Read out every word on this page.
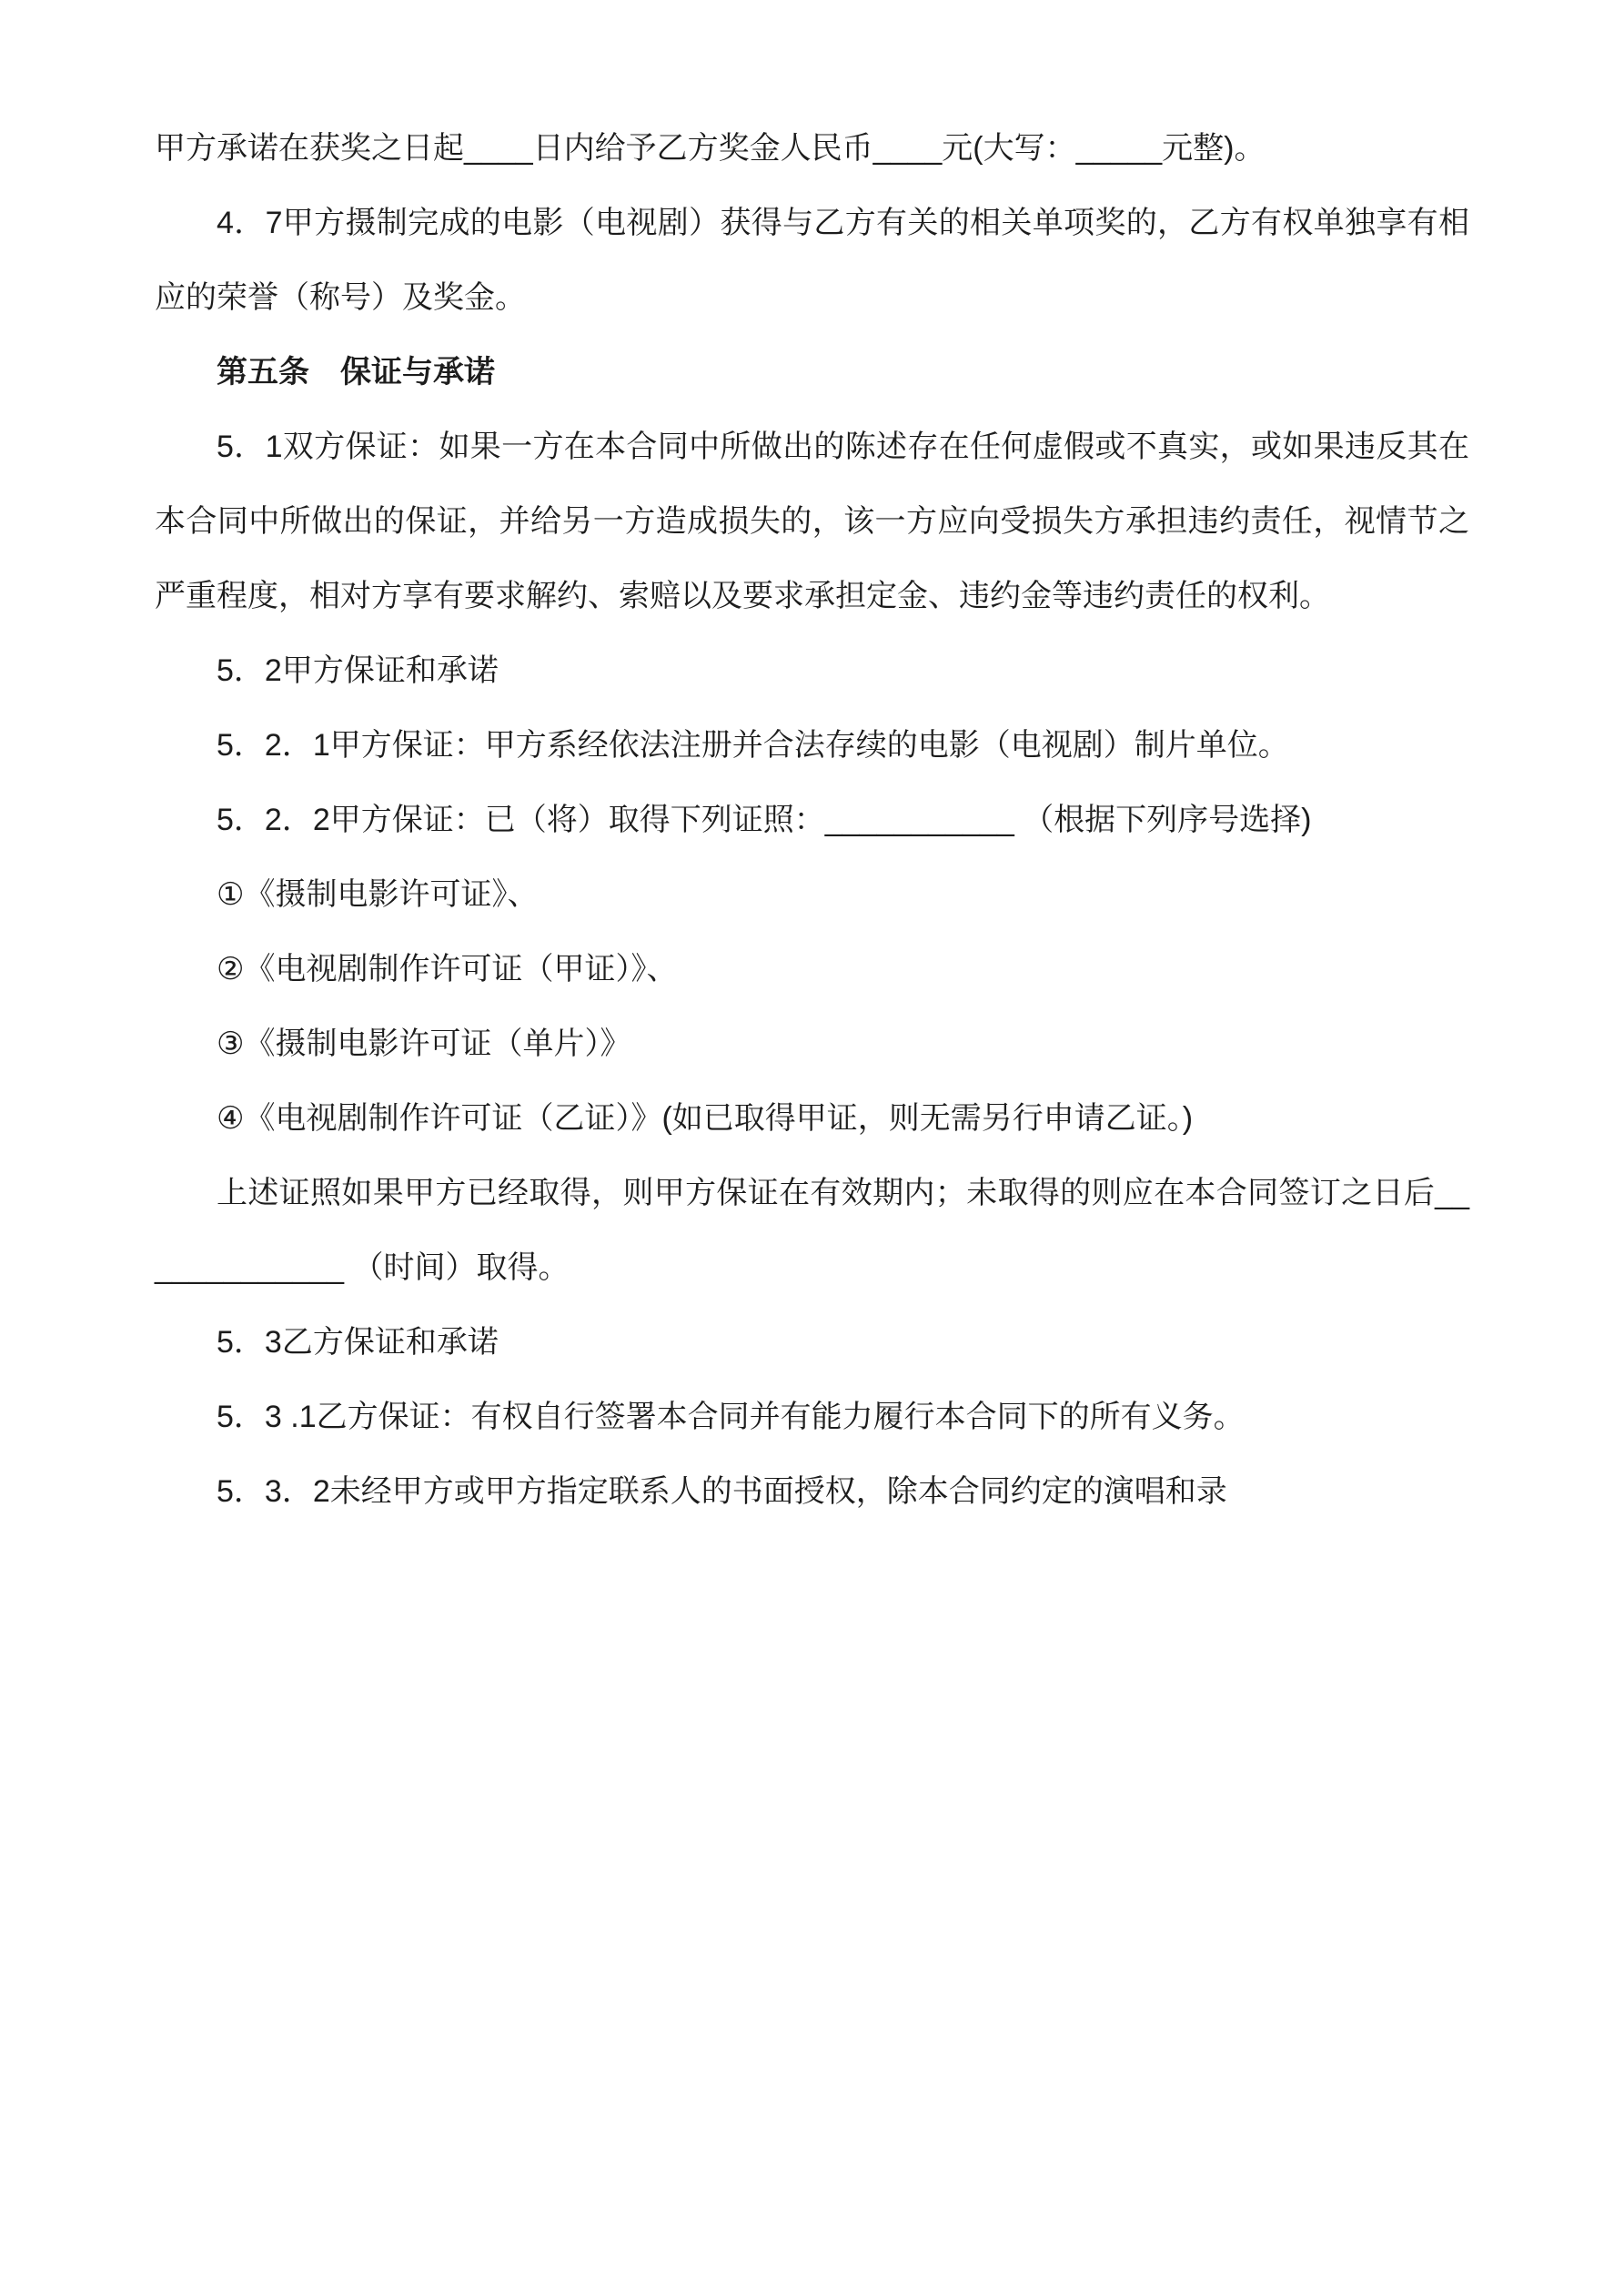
甲方承诺在获奖之日起____日内给予乙方奖金人民币____元(大写：_____元整)。

4．7甲方摄制完成的电影（电视剧）获得与乙方有关的相关单项奖的，乙方有权单独享有相应的荣誉（称号）及奖金。

第五条　保证与承诺

5．1双方保证：如果一方在本合同中所做出的陈述存在任何虚假或不真实，或如果违反其在本合同中所做出的保证，并给另一方造成损失的，该一方应向受损失方承担违约责任，视情节之严重程度，相对方享有要求解约、索赔以及要求承担定金、违约金等违约责任的权利。

5．2甲方保证和承诺

5．2．1甲方保证：甲方系经依法注册并合法存续的电影（电视剧）制片单位。

5．2．2甲方保证：已（将）取得下列证照：___________ （根据下列序号选择)

①《摄制电影许可证》、

②《电视剧制作许可证（甲证）》、

③《摄制电影许可证（单片）》

④《电视剧制作许可证（乙证）》(如已取得甲证，则无需另行申请乙证。)

上述证照如果甲方已经取得，则甲方保证在有效期内；未取得的则应在本合同签订之日后_____________ （时间）取得。

5．3乙方保证和承诺

5．3 .1乙方保证：有权自行签署本合同并有能力履行本合同下的所有义务。

5．3．2未经甲方或甲方指定联系人的书面授权，除本合同约定的演唱和录
